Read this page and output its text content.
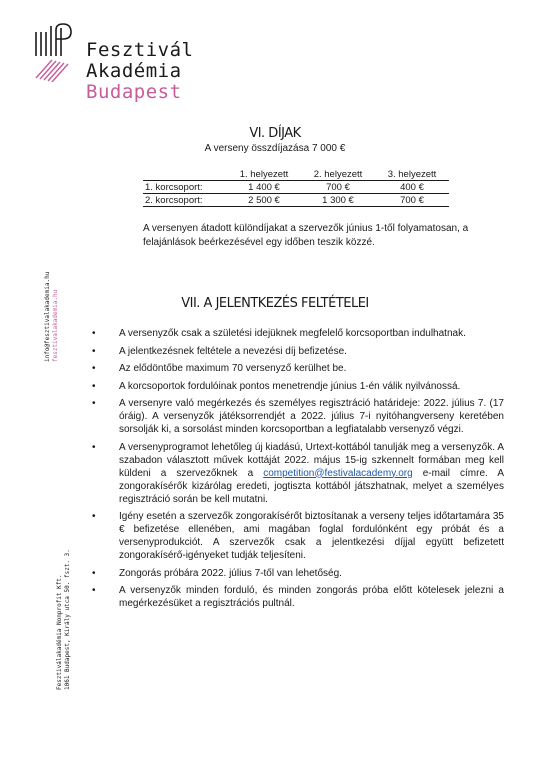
Fesztivál
Akadémia
Budapest
info@fesztivalakademia.hu fesztivalakademia.hu
Fesztiválakadémia Nonprofit Kft. 1061 Budapest, Király utca 50. fszt. 3.
VI. DÍJAK
A verseny összdíjazása 7 000 €
	1. helyezett	2. helyezett	3. helyezett
1. korcsoport:	1 400 €	700 €	400 €
2. korcsoport:	2 500 €	1 300 €	700 €
A versenyen átadott különdíjakat a szervezők június 1-től folyamatosan, a felajánlások beérkezésével egy időben teszik közzé.
VII. A JELENTKEZÉS FELTÉTELEI
• A versenyzők csak a születési idejüknek megfelelő korcsoportban indulhatnak.
• A jelentkezésnek feltétele a nevezési díj befizetése.
• Az elődöntőbe maximum 70 versenyző kerülhet be.
• A korcsoportok fordulóinak pontos menetrendje június 1-én válik nyilvánossá.
• A versenyre való megérkezés és személyes regisztráció határideje: 2022. július 7. (17 óráig). A versenyzők játéksorrendjét a 2022. július 7-i nyitóhangverseny keretében sorsolják ki, a sorsolást minden korcsoportban a legfiatalabb versenyző végzi.
• A versenyprogramot lehetőleg új kiadású, Urtext-kottából tanulják meg a versenyzők. A szabadon választott művek kottáját 2022. május 15-ig szkennelt formában meg kell küldeni a szervezőknek a competition@festivalacademy.org e-mail címre. A zongorakísérők kizárólag eredeti, jogtiszta kottából játszhatnak, melyet a személyes regisztráció során be kell mutatni.
• Igény esetén a szervezők zongorakísérőt biztosítanak a verseny teljes időtartamára 35 € befizetése ellenében, ami magában foglal fordulónként egy próbát és a versenyprodukciót. A szervezők csak a jelentkezési díjjal együtt befizetett zongorakísérő-igényeket tudják teljesíteni.
• Zongorás próbára 2022. július 7-től van lehetőség.
• A versenyzők minden forduló, és minden zongorás próba előtt kötelesek jelezni a megérkezésüket a regisztrációs pultnál.
